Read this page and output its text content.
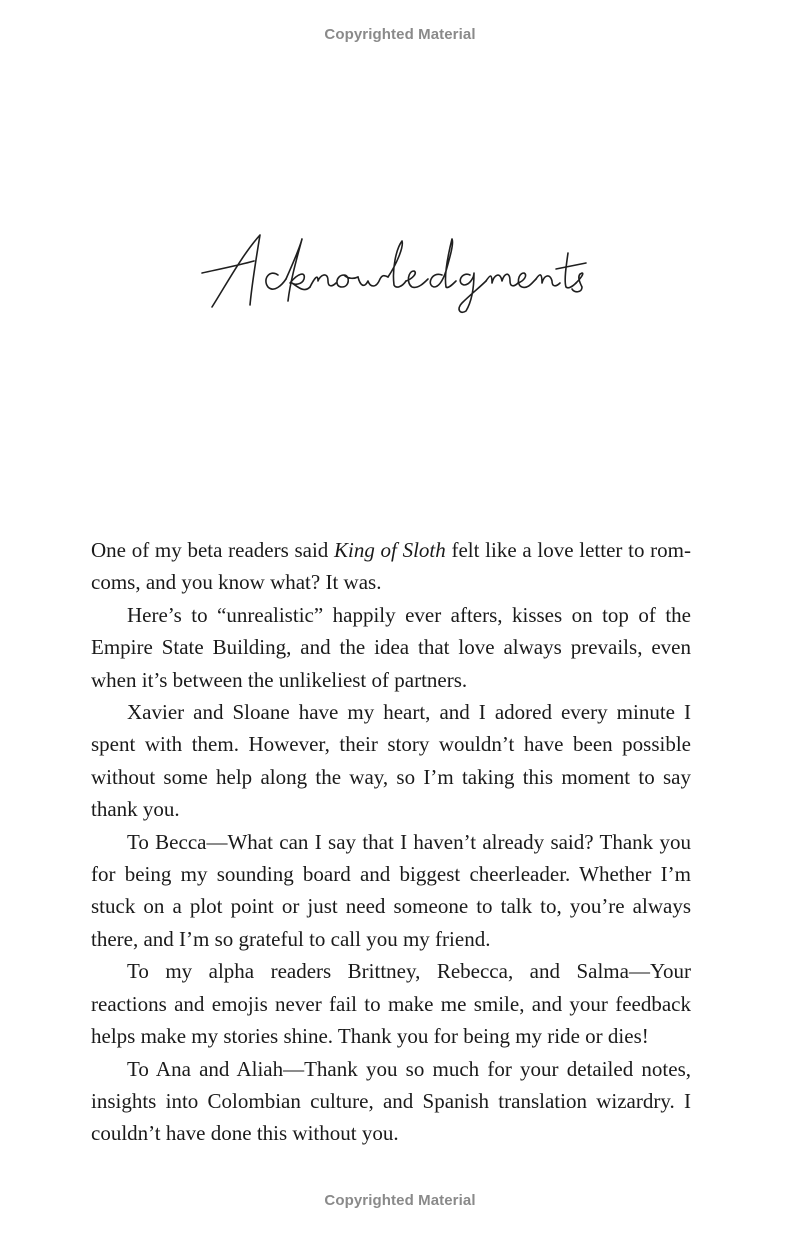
Copyrighted Material

One of my beta readers said King of Sloth felt like a love letter to rom-coms, and you know what? It was.

Here’s to “unrealistic” happily ever afters, kisses on top of the Empire State Building, and the idea that love always prevails, even when it’s between the unlikeliest of partners.

Xavier and Sloane have my heart, and I adored every minute I spent with them. However, their story wouldn’t have been possible without some help along the way, so I’m taking this moment to say thank you.

To Becca—What can I say that I haven’t already said? Thank you for being my sounding board and biggest cheerleader. Whether I’m stuck on a plot point or just need someone to talk to, you’re always there, and I’m so grateful to call you my friend.

To my alpha readers Brittney, Rebecca, and Salma—Your reactions and emojis never fail to make me smile, and your feedback helps make my stories shine. Thank you for being my ride or dies!

To Ana and Aliah—Thank you so much for your detailed notes, insights into Colombian culture, and Spanish translation wizardry. I couldn’t have done this without you.

Copyrighted Material
